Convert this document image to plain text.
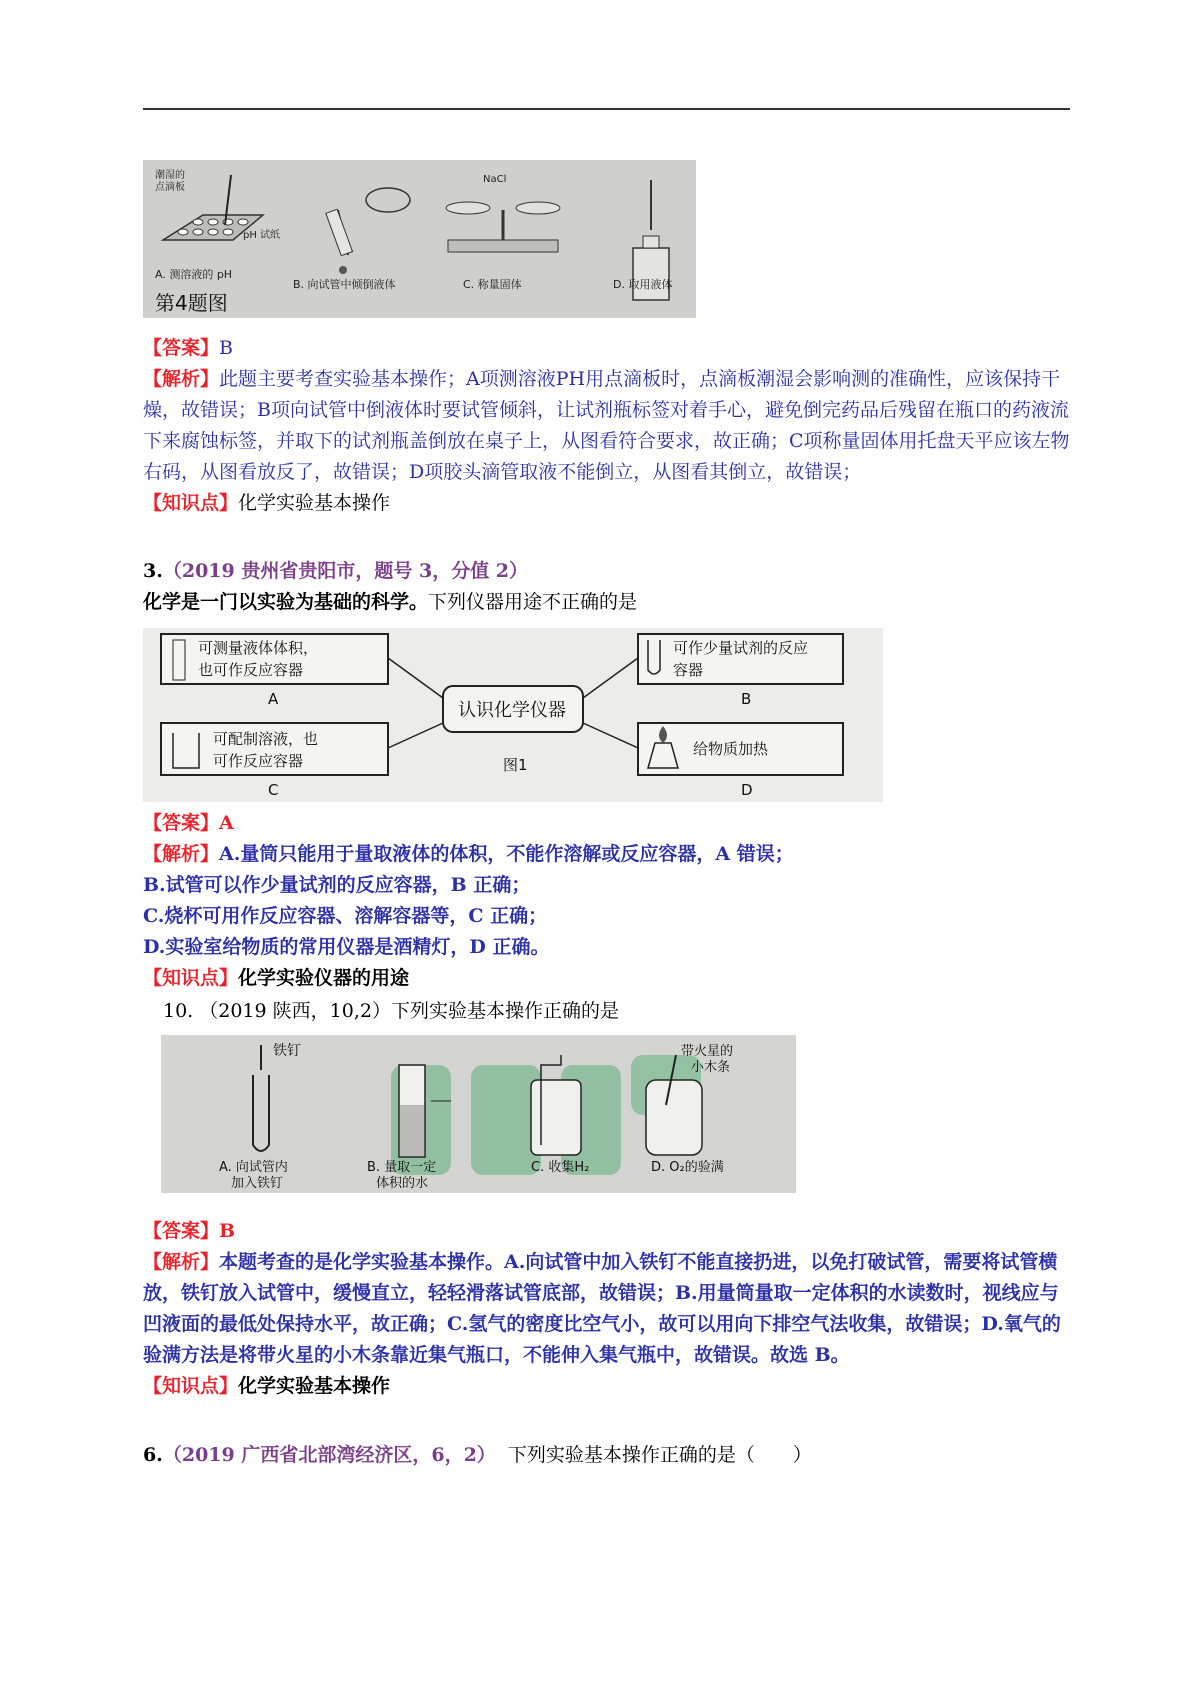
潮湿的
点滴板
pH 试纸
A. 测溶液的 pH
第4题图
B. 向试管中倾倒液体
NaCl
C. 称量固体	D. 取用液体
【答案】B
【解析】此题主要考查实验基本操作；A项测溶液PH用点滴板时，点滴板潮湿会影响测的准确性，应该保持干燥，故错误；B项向试管中倒液体时要试管倾斜，让试剂瓶标签对着手心，避免倒完药品后残留在瓶口的药液流下来腐蚀标签，并取下的试剂瓶盖倒放在桌子上，从图看符合要求，故正确；C项称量固体用托盘天平应该左物右码，从图看放反了，故错误；D项胶头滴管取液不能倒立，从图看其倒立，故错误；
【知识点】化学实验基本操作
3.（2019 贵州省贵阳市，题号 3，分值 2）
化学是一门以实验为基础的科学。下列仪器用途不正确的是
可测量液体体积，
也可作反应容器
A
可配制溶液，也
可作反应容器
C
认识化学仪器
图1
可作少量试剂的反应
容器
B
给物质加热
D
【答案】A
【解析】A.量筒只能用于量取液体的体积，不能作溶解或反应容器，A 错误；
B.试管可以作少量试剂的反应容器，B 正确；
C.烧杯可用作反应容器、溶解容器等，C 正确；
D.实验室给物质的常用仪器是酒精灯，D 正确。
【知识点】化学实验仪器的用途
10. （2019 陕西，10,2）下列实验基本操作正确的是
铁钉
A. 向试管内
加入铁钉
B. 量取一定
体积的水
C. 收集H₂
带火星的
小木条
D. O₂的验满
【答案】B
【解析】本题考查的是化学实验基本操作。A.向试管中加入铁钉不能直接扔进，以免打破试管，需要将试管横放，铁钉放入试管中，缓慢直立，轻轻滑落试管底部，故错误；B.用量筒量取一定体积的水读数时，视线应与凹液面的最低处保持水平，故正确；C.氢气的密度比空气小，故可以用向下排空气法收集，故错误；D.氧气的验满方法是将带火星的小木条靠近集气瓶口，不能伸入集气瓶中，故错误。故选 B。
【知识点】化学实验基本操作
6.（2019 广西省北部湾经济区，6，2） 下列实验基本操作正确的是（　　）
